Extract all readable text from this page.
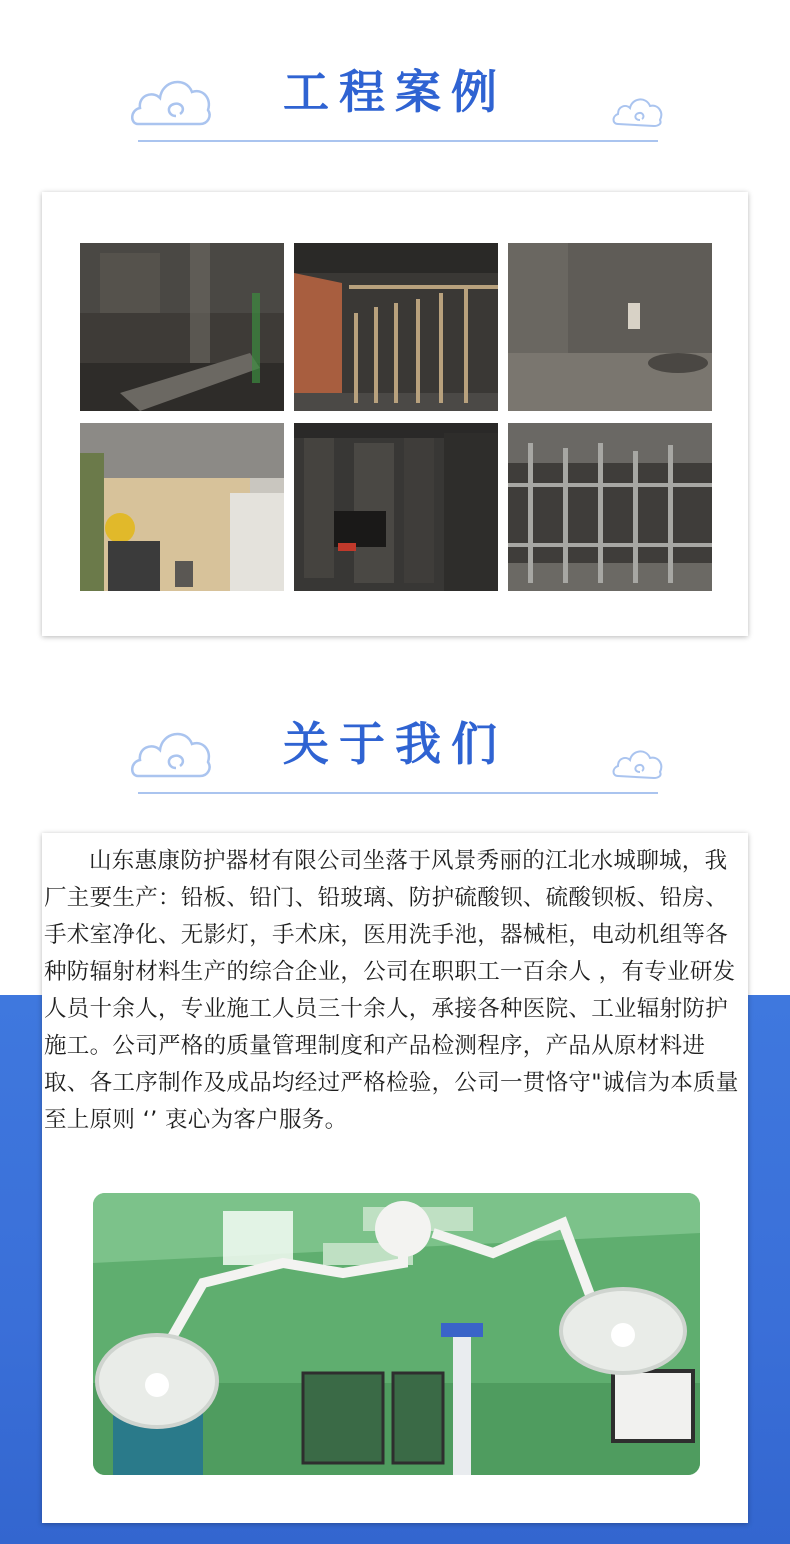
工程案例
关于我们

山东惠康防护器材有限公司坐落于风景秀丽的江北水城聊城，我厂主要生产：铅板、铅门、铅玻璃、防护硫酸钡、硫酸钡板、铅房、手术室净化、无影灯，手术床，医用洗手池，器械柜，电动机组等各种防辐射材料生产的综合企业，公司在职职工一百余人 ，有专业研发人员十余人，专业施工人员三十余人，承接各种医院、工业辐射防护施工。公司严格的质量管理制度和产品检测程序，产品从原材料进取、各工序制作及成品均经过严格检验，公司一贯恪守"诚信为本质量至上原则 ‘’ 衷心为客户服务。
